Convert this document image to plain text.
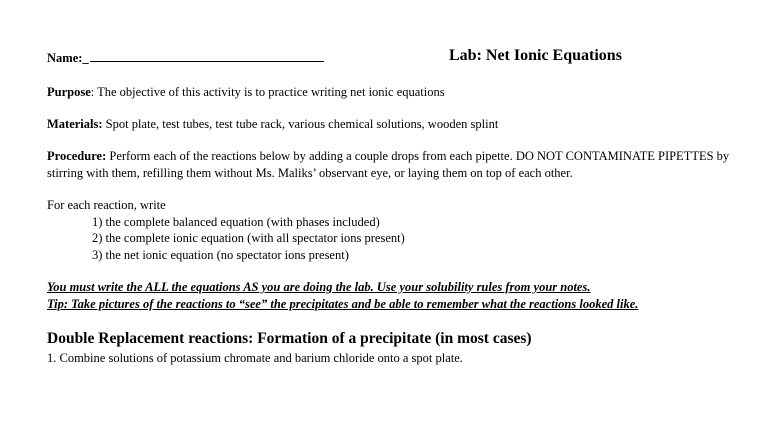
Name:_	Lab: Net Ionic Equations
Purpose: The objective of this activity is to practice writing net ionic equations
Materials: Spot plate, test tubes, test tube rack, various chemical solutions, wooden splint
Procedure: Perform each of the reactions below by adding a couple drops from each pipette. DO NOT CONTAMINATE PIPETTES by stirring with them, refilling them without Ms. Maliks’ observant eye, or laying them on top of each other.
For each reaction, write
1) the complete balanced equation (with phases included)
2) the complete ionic equation (with all spectator ions present)
3) the net ionic equation (no spectator ions present)
You must write the ALL the equations AS you are doing the lab. Use your solubility rules from your notes.
Tip: Take pictures of the reactions to “see” the precipitates and be able to remember what the reactions looked like.
Double Replacement reactions: Formation of a precipitate (in most cases)
1. Combine solutions of potassium chromate and barium chloride onto a spot plate.
